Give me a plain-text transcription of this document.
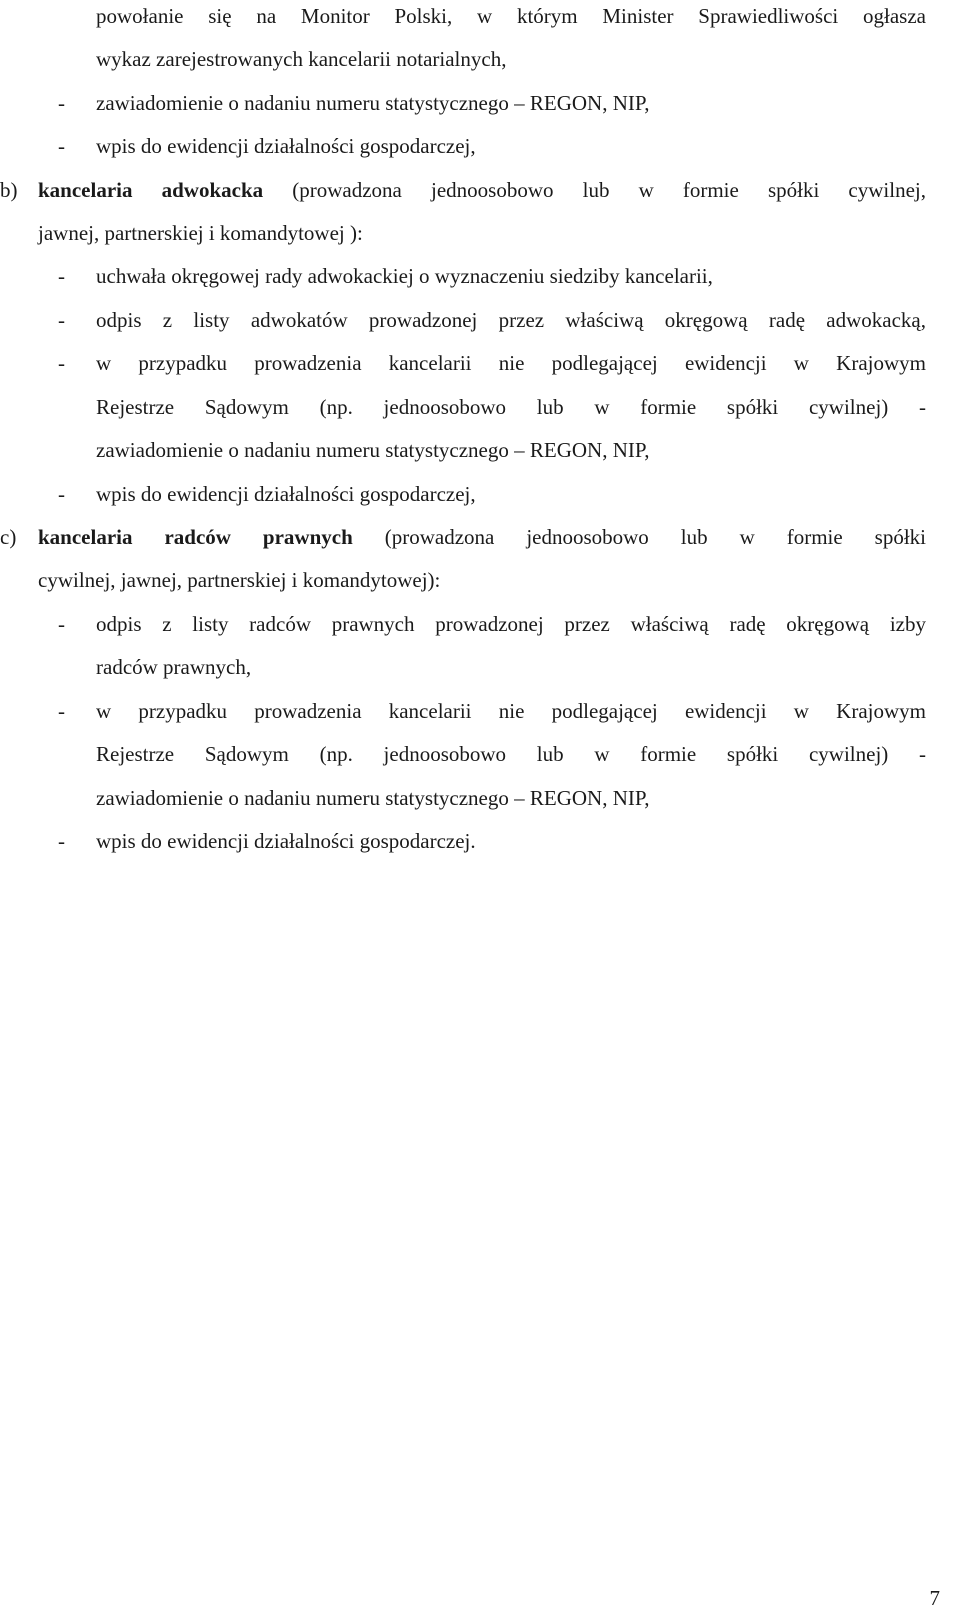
powołanie się na Monitor Polski, w którym Minister Sprawiedliwości ogłasza
wykaz zarejestrowanych kancelarii notarialnych,
- zawiadomienie o nadaniu numeru statystycznego – REGON, NIP,
- wpis do ewidencji działalności gospodarczej,
b) kancelaria adwokacka (prowadzona jednoosobowo lub w formie spółki cywilnej,
jawnej, partnerskiej i komandytowej ):
- uchwała okręgowej rady adwokackiej o wyznaczeniu siedziby kancelarii,
- odpis z listy adwokatów prowadzonej przez właściwą okręgową radę adwokacką,
- w przypadku prowadzenia kancelarii nie podlegającej ewidencji w Krajowym
Rejestrze Sądowym (np. jednoosobowo lub w formie spółki cywilnej) -
zawiadomienie o nadaniu numeru statystycznego – REGON, NIP,
- wpis do ewidencji działalności gospodarczej,
c) kancelaria radców prawnych (prowadzona jednoosobowo lub w formie spółki
cywilnej, jawnej, partnerskiej i komandytowej):
- odpis z listy radców prawnych prowadzonej przez właściwą radę okręgową izby
radców prawnych,
- w przypadku prowadzenia kancelarii nie podlegającej ewidencji w Krajowym
Rejestrze Sądowym (np. jednoosobowo lub w formie spółki cywilnej) -
zawiadomienie o nadaniu numeru statystycznego – REGON, NIP,
- wpis do ewidencji działalności gospodarczej.
7
